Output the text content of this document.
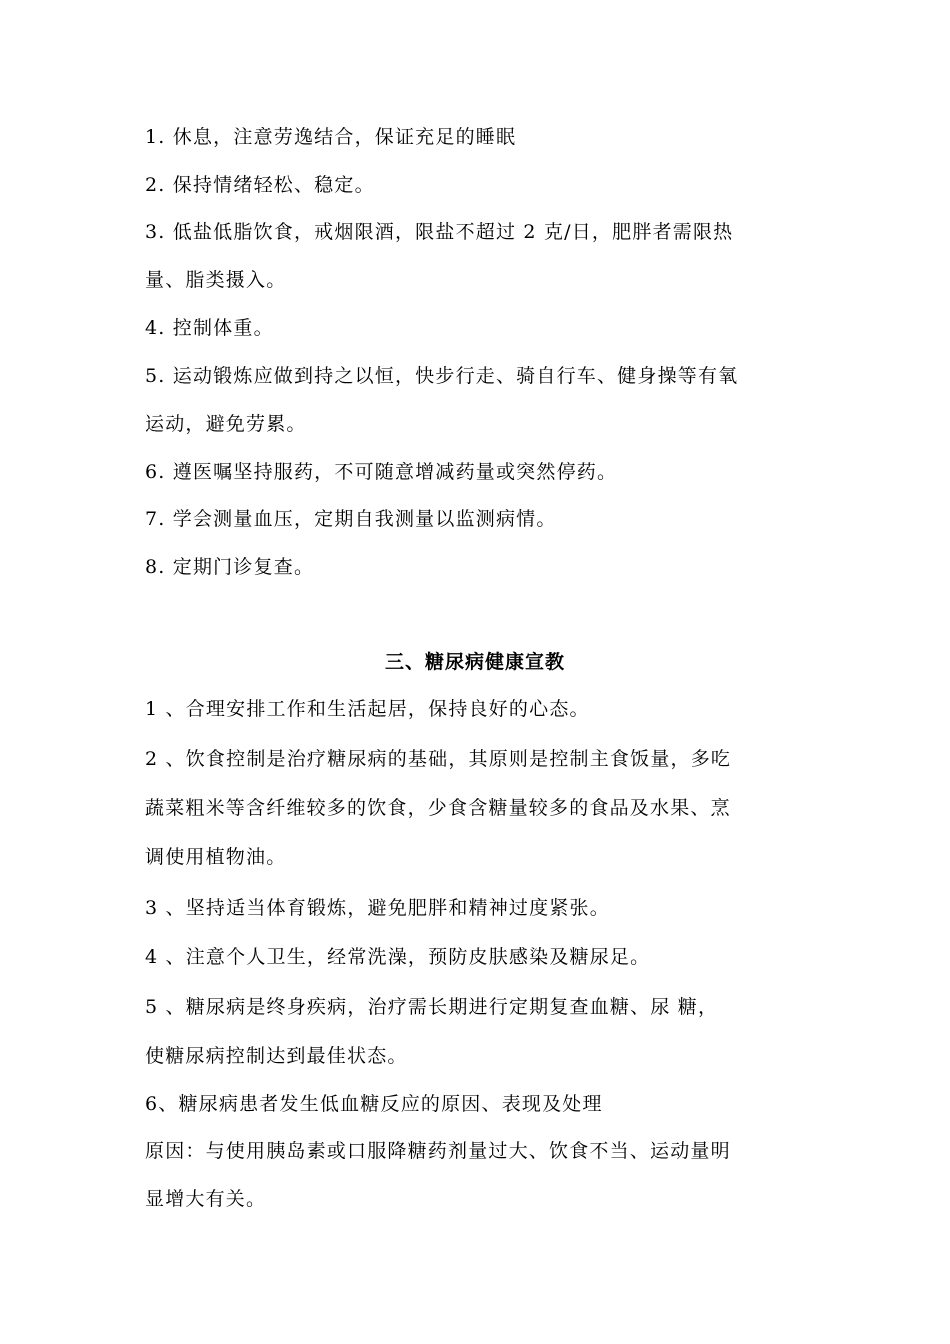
1. 休息，注意劳逸结合，保证充足的睡眠
2. 保持情绪轻松、稳定。
3. 低盐低脂饮食，戒烟限酒，限盐不超过 2 克/日，肥胖者需限热
量、脂类摄入。
4. 控制体重。
5. 运动锻炼应做到持之以恒，快步行走、骑自行车、健身操等有氧
运动，避免劳累。
6. 遵医嘱坚持服药，不可随意增减药量或突然停药。
7. 学会测量血压，定期自我测量以监测病情。
8. 定期门诊复查。
三、糖尿病健康宣教
1 、合理安排工作和生活起居，保持良好的心态。
2 、饮食控制是治疗糖尿病的基础，其原则是控制主食饭量，多吃
蔬菜粗米等含纤维较多的饮食，少食含糖量较多的食品及水果、烹
调使用植物油。
3 、坚持适当体育锻炼，避免肥胖和精神过度紧张。
4 、注意个人卫生，经常洗澡，预防皮肤感染及糖尿足。
5 、糖尿病是终身疾病，治疗需长期进行定期复查血糖、尿 糖，
使糖尿病控制达到最佳状态。
6、糖尿病患者发生低血糖反应的原因、表现及处理
原因：与使用胰岛素或口服降糖药剂量过大、饮食不当、运动量明
显增大有关。
